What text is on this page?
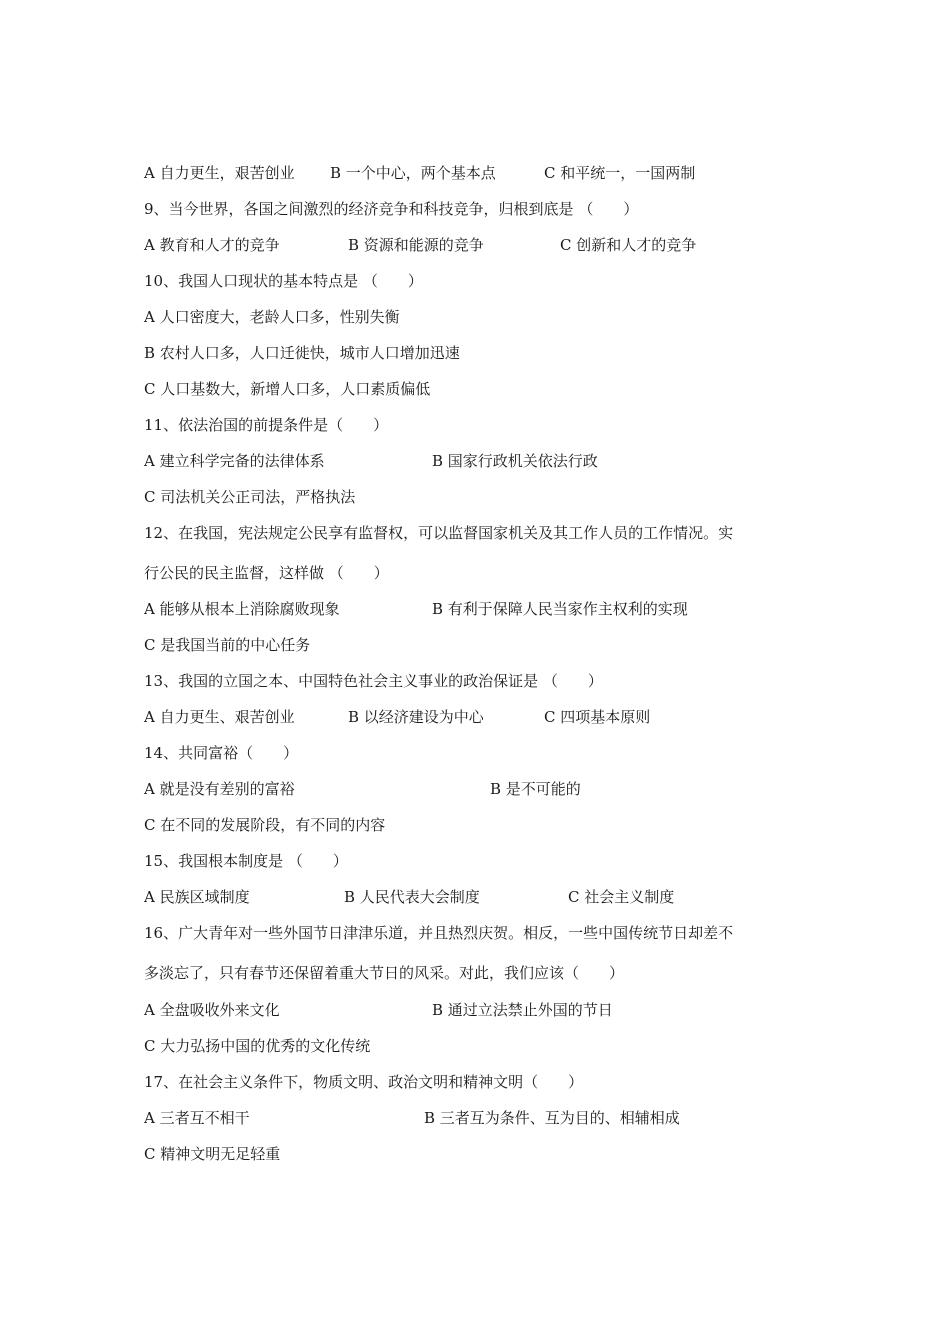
A 自力更生，艰苦创业 B 一个中心，两个基本点	C 和平统一，一国两制
9、当今世界，各国之间激烈的经济竞争和科技竞争，归根到底是 （　　）
A 教育和人才的竞争	B 资源和能源的竞争	C 创新和人才的竞争
10、我国人口现状的基本特点是 （　　）
A 人口密度大，老龄人口多，性别失衡
B 农村人口多，人口迁徙快，城市人口增加迅速
C 人口基数大，新增人口多，人口素质偏低
11、依法治国的前提条件是（　　）
A 建立科学完备的法律体系	B 国家行政机关依法行政
C 司法机关公正司法，严格执法
12、在我国，宪法规定公民享有监督权，可以监督国家机关及其工作人员的工作情况。实
行公民的民主监督，这样做 （　　）
A 能够从根本上消除腐败现象	B 有利于保障人民当家作主权利的实现
C 是我国当前的中心任务
13、我国的立国之本、中国特色社会主义事业的政治保证是 （　　）
A 自力更生、艰苦创业	B 以经济建设为中心	C 四项基本原则
14、共同富裕（　　）
A 就是没有差别的富裕	B 是不可能的
C 在不同的发展阶段，有不同的内容
15、我国根本制度是 （　　）
A 民族区域制度	B 人民代表大会制度	C 社会主义制度
16、广大青年对一些外国节日津津乐道，并且热烈庆贺。相反，一些中国传统节日却差不
多淡忘了，只有春节还保留着重大节日的风采。对此，我们应该（　　）
A 全盘吸收外来文化	B 通过立法禁止外国的节日
C 大力弘扬中国的优秀的文化传统
17、在社会主义条件下，物质文明、政治文明和精神文明（　　）
A 三者互不相干	B 三者互为条件、互为目的、相辅相成
C 精神文明无足轻重
